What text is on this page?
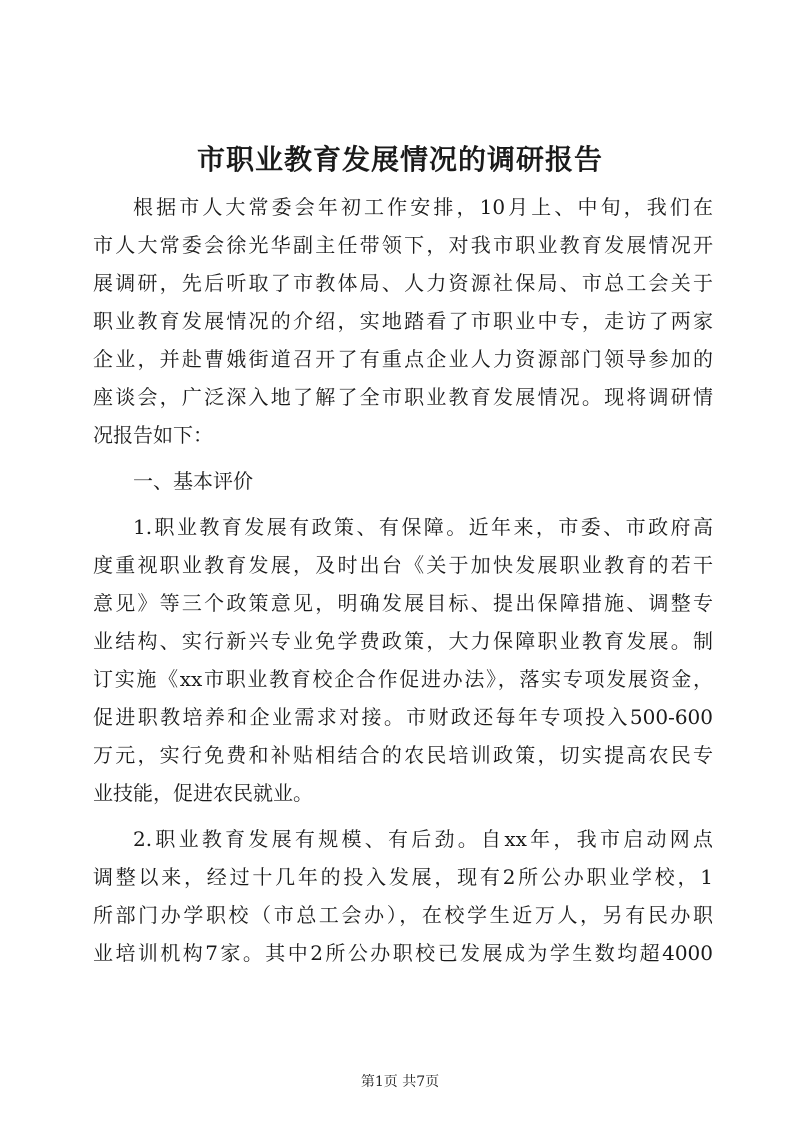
市职业教育发展情况的调研报告
根据市人大常委会年初工作安排，10月上、中旬，我们在
市人大常委会徐光华副主任带领下，对我市职业教育发展情况开
展调研，先后听取了市教体局、人力资源社保局、市总工会关于
职业教育发展情况的介绍，实地踏看了市职业中专，走访了两家
企业，并赴曹娥街道召开了有重点企业人力资源部门领导参加的
座谈会，广泛深入地了解了全市职业教育发展情况。现将调研情
况报告如下：
一、基本评价
1.职业教育发展有政策、有保障。近年来，市委、市政府高
度重视职业教育发展，及时出台《关于加快发展职业教育的若干
意见》等三个政策意见，明确发展目标、提出保障措施、调整专
业结构、实行新兴专业免学费政策，大力保障职业教育发展。制
订实施《xx市职业教育校企合作促进办法》，落实专项发展资金，
促进职教培养和企业需求对接。市财政还每年专项投入500-600
万元，实行免费和补贴相结合的农民培训政策，切实提高农民专
业技能，促进农民就业。
2.职业教育发展有规模、有后劲。自xx年，我市启动网点
调整以来，经过十几年的投入发展，现有2所公办职业学校，1
所部门办学职校（市总工会办），在校学生近万人，另有民办职
业培训机构7家。其中2所公办职校已发展成为学生数均超4000
第1页 共7页
